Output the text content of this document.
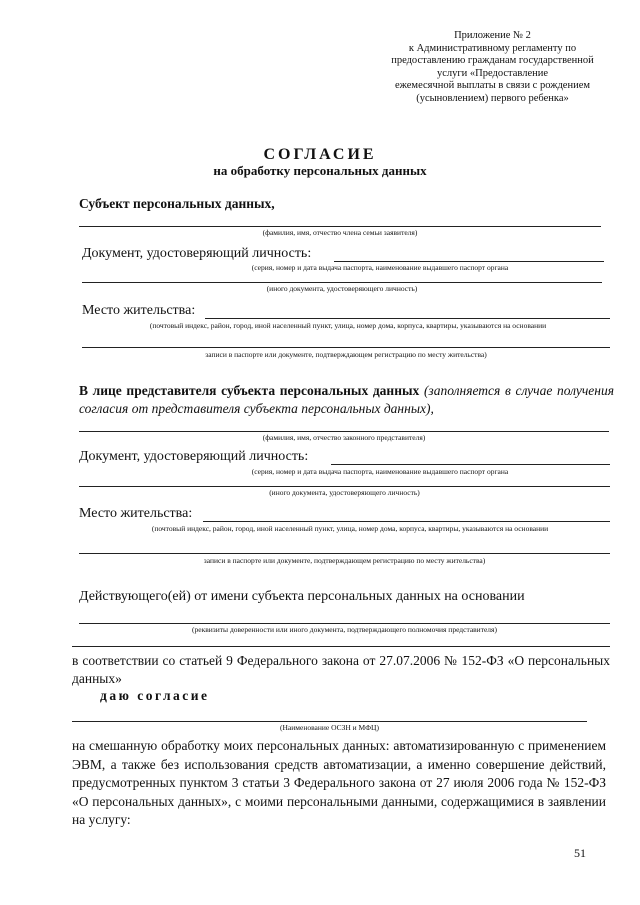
Приложение № 2
к Административному регламенту по
предоставлению гражданам государственной
услуги «Предоставление
ежемесячной выплаты в связи с рождением
(усыновлением) первого ребенка»
СОГЛАСИЕ
на обработку персональных данных
Субъект персональных данных,
(фамилия, имя, отчество члена семьи заявителя)
Документ, удостоверяющий личность:
(серия, номер и дата выдача паспорта, наименование выдавшего паспорт органа
(иного документа, удостоверяющего личность)
Место жительства:
(почтовый индекс, район, город, иной населенный пункт, улица, номер дома, корпуса, квартиры, указываются на основании
записи в паспорте или документе, подтверждающем регистрацию по месту жительства)
В лице представителя субъекта персональных данных (заполняется в случае получения согласия от представителя субъекта персональных данных),
(фамилия, имя, отчество законного представителя)
Документ, удостоверяющий личность:
(серия, номер и дата выдача паспорта, наименование выдавшего паспорт органа
(иного документа, удостоверяющего личность)
Место жительства:
(почтовый индекс, район, город, иной населенный пункт, улица, номер дома, корпуса, квартиры, указываются на основании
записи в паспорте или документе, подтверждающем регистрацию по месту жительства)
Действующего(ей) от имени субъекта персональных данных на основании
(реквизиты доверенности или иного документа, подтверждающего полномочия представителя)
в соответствии со статьей 9 Федерального закона от 27.07.2006 № 152-ФЗ «О персональных данных»
даю согласие
(Наименование ОСЗН и МФЦ)
на смешанную обработку моих персональных данных: автоматизированную с применением ЭВМ, а также без использования средств автоматизации, а именно совершение действий, предусмотренных пунктом 3 статьи 3 Федерального закона от 27 июля 2006 года № 152-ФЗ «О персональных данных», с моими персональными данными, содержащимися в заявлении на услугу:
51
